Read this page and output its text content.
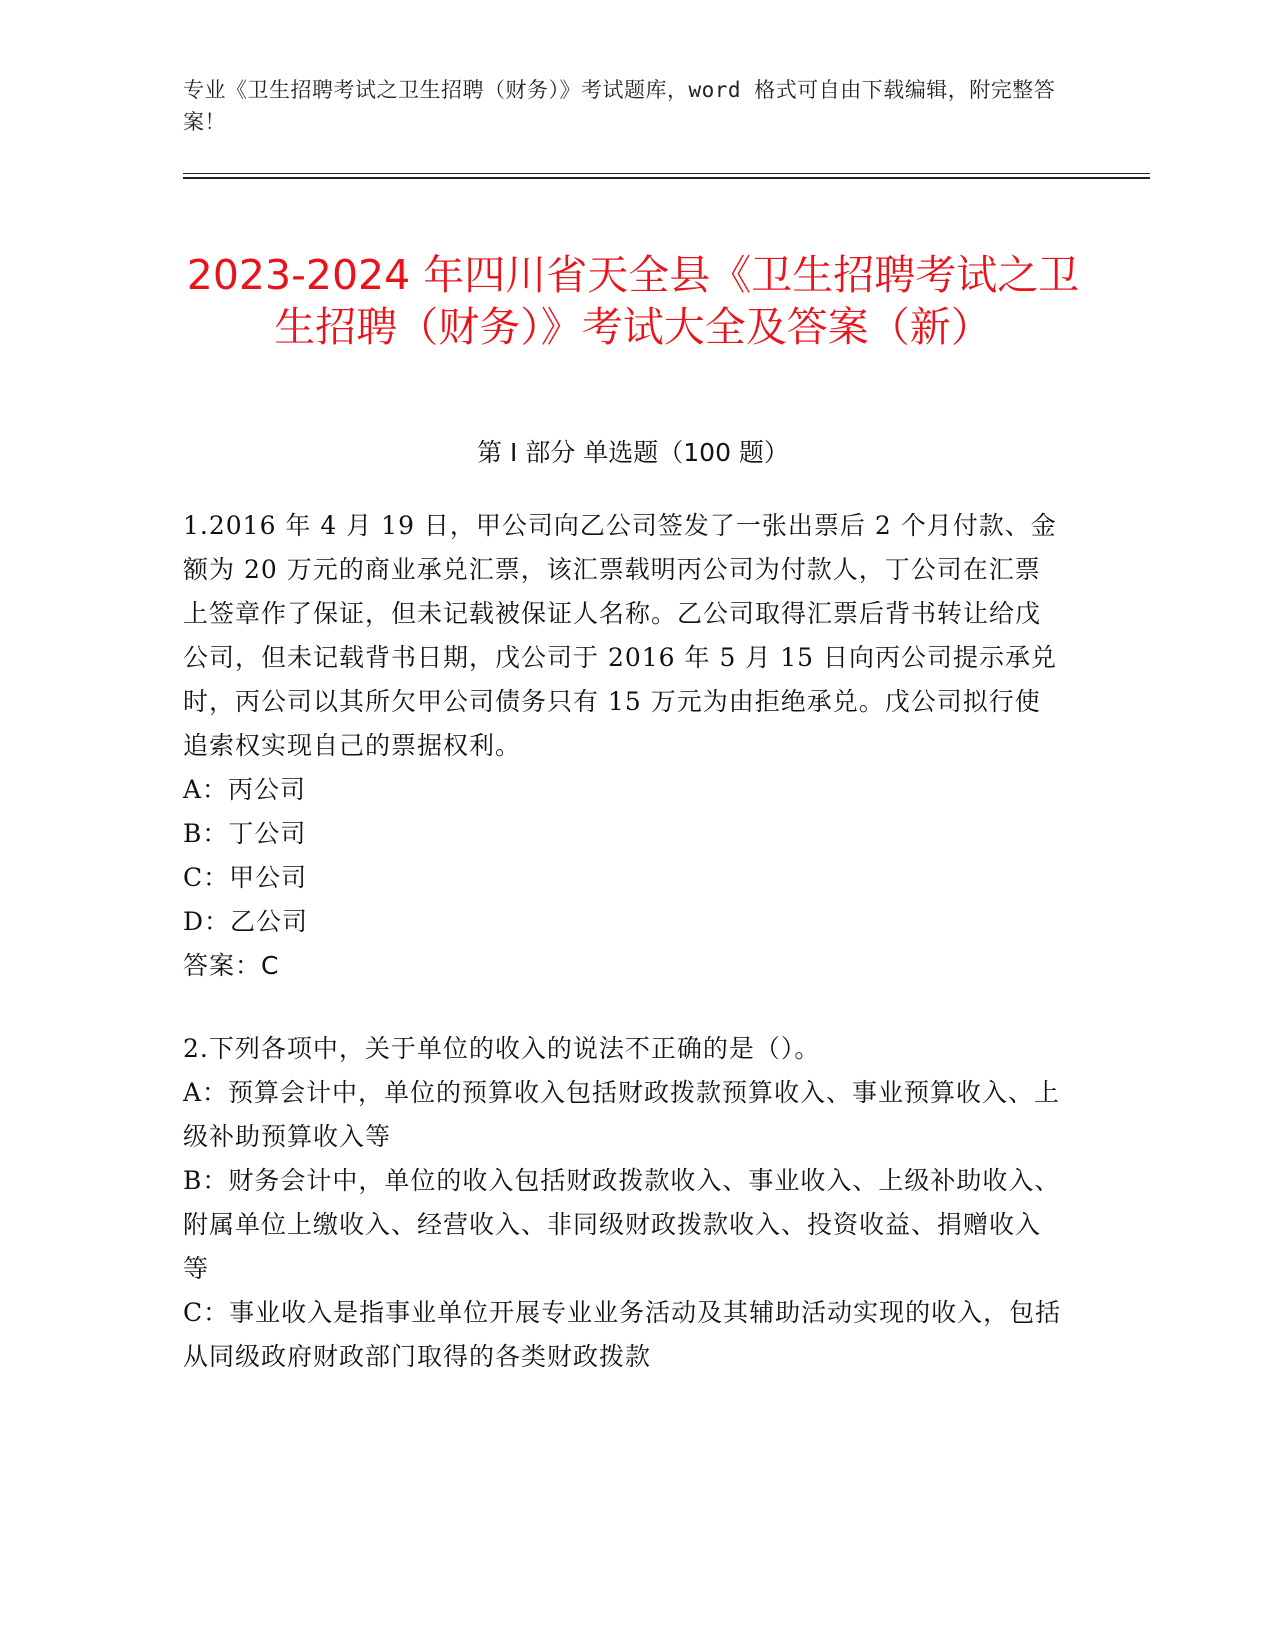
专业《卫生招聘考试之卫生招聘（财务）》考试题库，word 格式可自由下载编辑，附完整答案！
2023-2024 年四川省天全县《卫生招聘考试之卫生招聘（财务）》考试大全及答案（新）
第 I 部分 单选题（100 题）

1.2016 年 4 月 19 日，甲公司向乙公司签发了一张出票后 2 个月付款、金额为 20 万元的商业承兑汇票，该汇票载明丙公司为付款人，丁公司在汇票上签章作了保证，但未记载被保证人名称。乙公司取得汇票后背书转让给戊公司，但未记载背书日期，戊公司于 2016 年 5 月 15 日向丙公司提示承兑时，丙公司以其所欠甲公司债务只有 15 万元为由拒绝承兑。戊公司拟行使追索权实现自己的票据权利。

A：丙公司

B：丁公司

C：甲公司

D：乙公司

答案：C

2.下列各项中，关于单位的收入的说法不正确的是（）。

A：预算会计中，单位的预算收入包括财政拨款预算收入、事业预算收入、上级补助预算收入等

B：财务会计中，单位的收入包括财政拨款收入、事业收入、上级补助收入、附属单位上缴收入、经营收入、非同级财政拨款收入、投资收益、捐赠收入等

C：事业收入是指事业单位开展专业业务活动及其辅助活动实现的收入，包括从同级政府财政部门取得的各类财政拨款
